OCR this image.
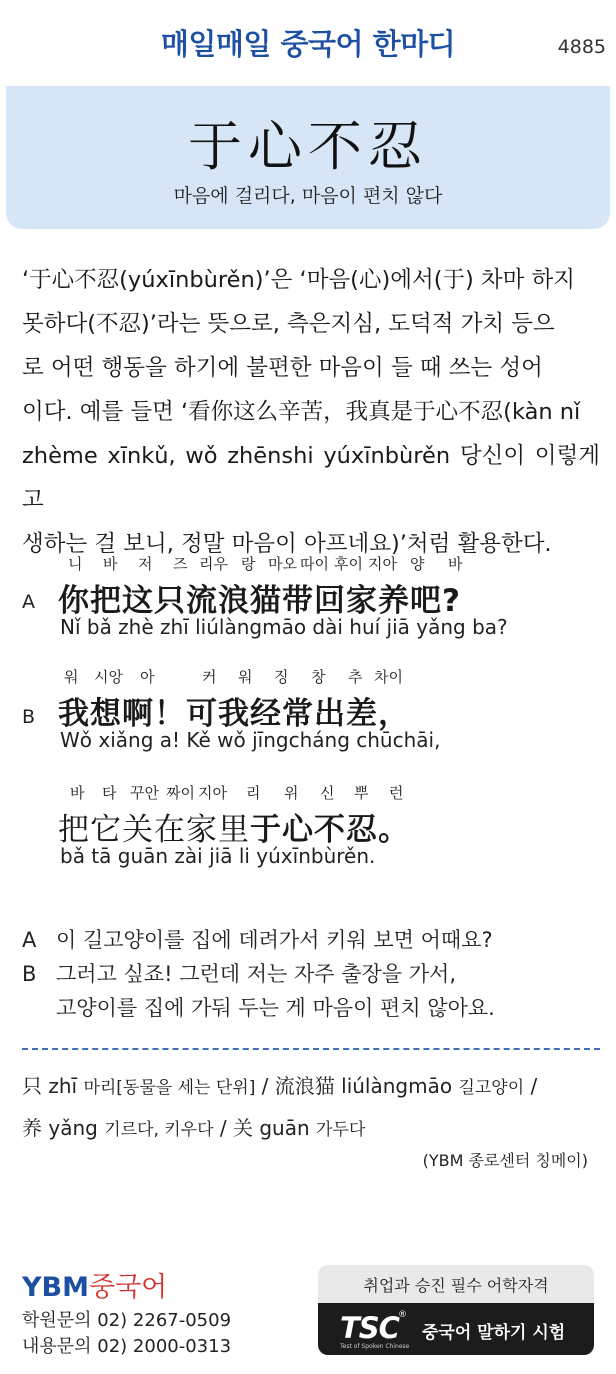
매일매일 중국어 한마디	4885
于心不忍
마음에 걸리다, 마음이 편치 않다
‘于心不忍(yúxīnbùrěn)’은 ‘마음(心)에서(于) 차마 하지
못하다(不忍)’라는 뜻으로, 측은지심, 도덕적 가치 등으
로 어떤 행동을 하기에 불편한 마음이 들 때 쓰는 성어
이다. 예를 들면 ‘看你这么辛苦，我真是于心不忍(kàn nǐ
zhème xīnkǔ, wǒ zhēnshi yúxīnbùrěn 당신이 이렇게 고
생하는 걸 보니, 정말 마음이 아프네요)’처럼 활용한다.
A
니 바 저 즈 리우 랑 마오 따이 후이 지아 양 바
你把这只流浪猫带回家养吧?
Nǐ bǎ zhè zhī liúlàngmāo dài huí jiā yǎng ba?
B
워 시앙 아	커 워 징 창 추 차이
我想啊！可我经常出差，
Wǒ xiǎng a! Kě wǒ jīngcháng chūchāi,
바 타 꾸안 짜이 지아 리 위 신 뿌 런
把它关在家里于心不忍。
bǎ tā guān zài jiā li yúxīnbùrěn.
A 이 길고양이를 집에 데려가서 키워 보면 어때요?
B 그러고 싶죠! 그런데 저는 자주 출장을 가서,
고양이를 집에 가둬 두는 게 마음이 편치 않아요.
只 zhī 마리[동물을 세는 단위] / 流浪猫 liúlàngmāo 길고양이 /
养 yǎng 기르다, 키우다 / 关 guān 가두다
(YBM 종로센터 칭메이)
YBM중국어
학원문의 02) 2267-0509
내용문의 02) 2000-0313
취업과 승진 필수 어학자격
TSC ®
Test of Spoken Chinese
중국어 말하기 시험
